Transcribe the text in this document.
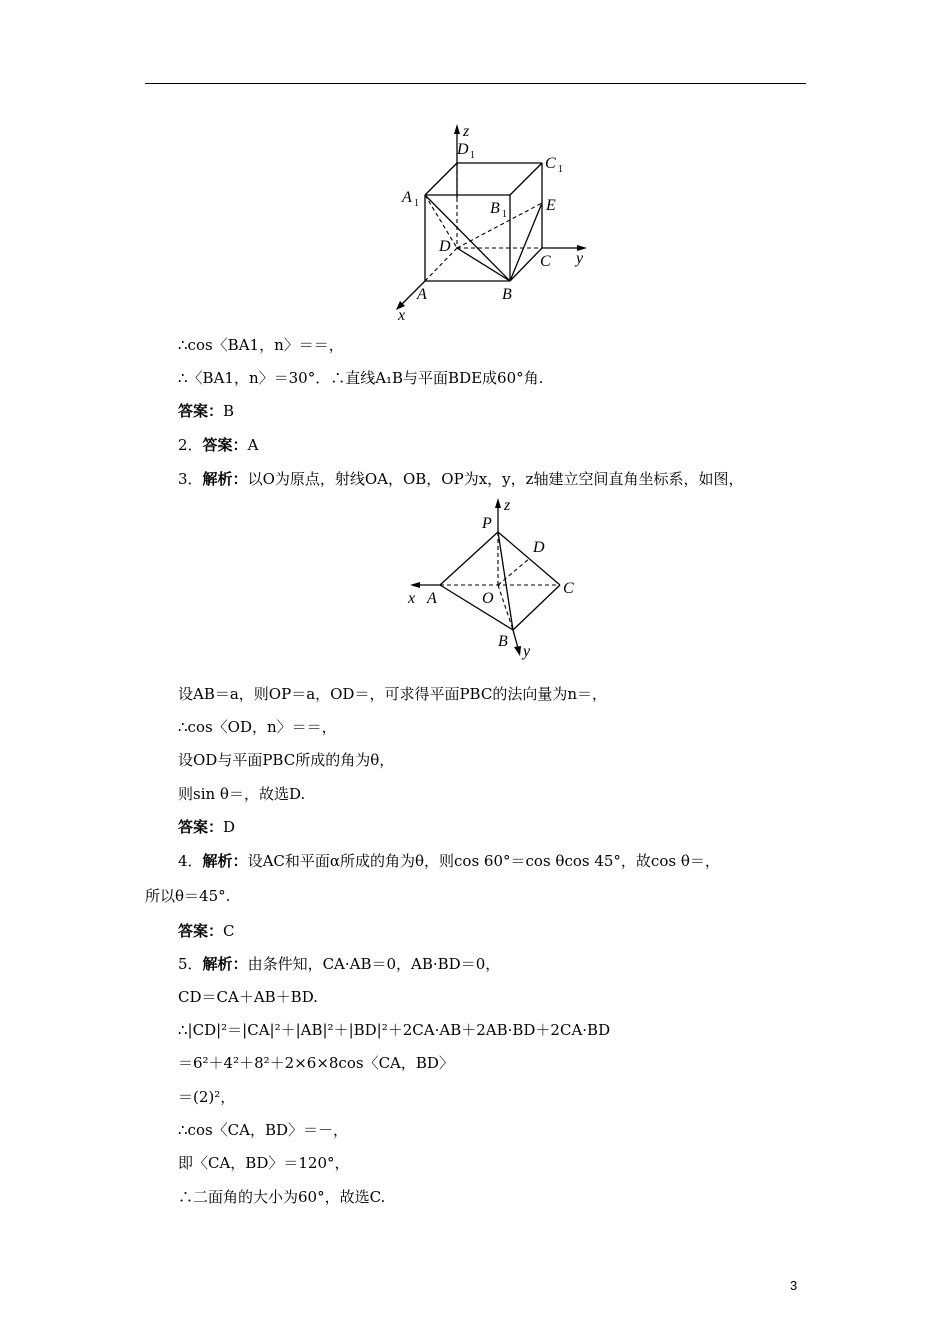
z
D 1	C 1
A 1	B 1
E
D
C y
A	B
x
z
P
D
C
x A	O
B
y
∴cos〈BA1，n〉＝＝，
∴〈BA1，n〉＝30°．∴直线A₁B与平面BDE成60°角.
答案：B
2．答案：A
3．解析：以O为原点，射线OA，OB，OP为x，y，z轴建立空间直角坐标系，如图，
设AB＝a，则OP＝a，OD＝，可求得平面PBC的法向量为n＝，
∴cos〈OD，n〉＝＝，
设OD与平面PBC所成的角为θ，
则sin θ＝，故选D.
答案：D
4．解析：设AC和平面α所成的角为θ，则cos 60°＝cos θcos 45°，故cos θ＝，
所以θ＝45°.
答案：C
5．解析：由条件知，CA·AB＝0，AB·BD＝0，
CD＝CA＋AB＋BD.
∴|CD|²＝|CA|²＋|AB|²＋|BD|²＋2CA·AB＋2AB·BD＋2CA·BD
＝6²＋4²＋8²＋2×6×8cos〈CA，BD〉
＝(2)²，
∴cos〈CA，BD〉＝－，
即〈CA，BD〉＝120°，
∴二面角的大小为60°，故选C.
3
